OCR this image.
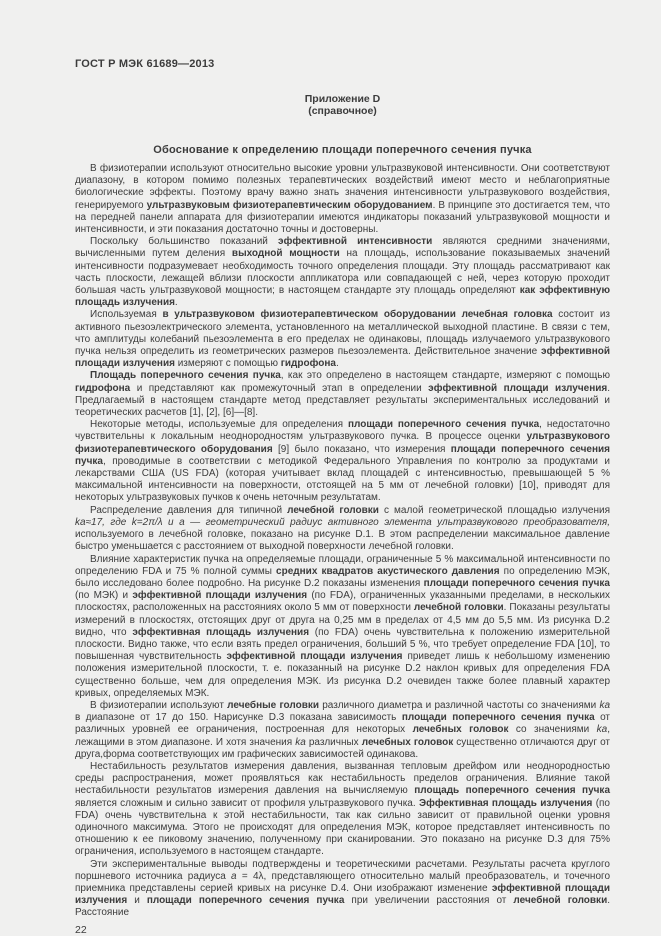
ГОСТ Р МЭК 61689—2013
Приложение D
(справочное)
Обоснование к определению площади поперечного сечения пучка

В физиотерапии используют относительно высокие уровни ультразвуковой интенсивности. Они соответствуют диапазону, в котором помимо полезных терапевтических воздействий имеют место и неблагоприятные биологические эффекты. Поэтому врачу важно знать значения интенсивности ультразвукового воздействия, генерируемого ультразвуковым физиотерапевтическим оборудованием. В принципе это достигается тем, что на передней панели аппарата для физиотерапии имеются индикаторы показаний ультразвуковой мощности и интенсивности, и эти показания достаточно точны и достоверны.

Поскольку большинство показаний эффективной интенсивности являются средними значениями, вычисленными путем деления выходной мощности на площадь, использование показываемых значений интенсивности подразумевает необходимость точного определения площади. Эту площадь рассматривают как часть плоскости, лежащей вблизи плоскости аппликатора или совпадающей с ней, через которую проходит большая часть ультразвуковой мощности; в настоящем стандарте эту площадь определяют как эффективную площадь излучения.

Используемая в ультразвуковом физиотерапевтическом оборудовании лечебная головка состоит из активного пьезоэлектрического элемента, установленного на металлической выходной пластине. В связи с тем, что амплитуды колебаний пьезоэлемента в его пределах не одинаковы, площадь излучаемого ультразвукового пучка нельзя определить из геометрических размеров пьезоэлемента. Действительное значение эффективной площади излучения измеряют с помощью гидрофона.

Площадь поперечного сечения пучка, как это определено в настоящем стандарте, измеряют с помощью гидрофона и представляют как промежуточный этап в определении эффективной площади излучения. Предлагаемый в настоящем стандарте метод представляет результаты экспериментальных исследований и теоретических расчетов [1], [2], [6]—[8].

Некоторые методы, используемые для определения площади поперечного сечения пучка, недостаточно чувствительны к локальным неоднородностям ультразвукового пучка. В процессе оценки ультразвукового физиотерапевтического оборудования [9] было показано, что измерения площади поперечного сечения пучка, проводимые в соответствии с методикой Федерального Управления по контролю за продуктами и лекарствами США (US FDA) (которая учитывает вклад площадей с интенсивностью, превышающей 5 % максимальной интенсивности на поверхности, отстоящей на 5 мм от лечебной головки) [10], приводят для некоторых ультразвуковых пучков к очень неточным результатам.

Распределение давления для типичной лечебной головки с малой геометрической площадью излучения ka≈17, где k=2π/λ и a — геометрический радиус активного элемента ультразвукового преобразователя, используемого в лечебной головке, показано на рисунке D.1. В этом распределении максимальное давление быстро уменьшается с расстоянием от выходной поверхности лечебной головки.

Влияние характеристик пучка на определяемые площади, ограниченные 5 % максимальной интенсивности по определению FDA и 75 % полной суммы средних квадратов акустического давления по определению МЭК, было исследовано более подробно. На рисунке D.2 показаны изменения площади поперечного сечения пучка (по МЭК) и эффективной площади излучения (по FDA), ограниченных указанными пределами, в нескольких плоскостях, расположенных на расстояниях около 5 мм от поверхности лечебной головки. Показаны результаты измерений в плоскостях, отстоящих друг от друга на 0,25 мм в пределах от 4,5 мм до 5,5 мм. Из рисунка D.2 видно, что эффективная площадь излучения (по FDA) очень чувствительна к положению измерительной плоскости. Видно также, что если взять предел ограничения, больший 5 %, что требует определение FDA [10], то повышенная чувствительность эффективной площади излучения приведет лишь к небольшому изменению положения измерительной плоскости, т. е. показанный на рисунке D.2 наклон кривых для определения FDA существенно больше, чем для определения МЭК. Из рисунка D.2 очевиден также более плавный характер кривых, определяемых МЭК.

В физиотерапии используют лечебные головки различного диаметра и различной частоты со значениями ka в диапазоне от 17 до 150. Нарисунке D.3 показана зависимость площади поперечного сечения пучка от различных уровней ее ограничения, построенная для некоторых лечебных головок со значениями ka, лежащими в этом диапазоне. И хотя значения ka различных лечебных головок существенно отличаются друг от друга,форма соответствующих им графических зависимостей одинакова.

Нестабильность результатов измерения давления, вызванная тепловым дрейфом или неоднородностью среды распространения, может проявляться как нестабильность пределов ограничения. Влияние такой нестабильности результатов измерения давления на вычисляемую площадь поперечного сечения пучка является сложным и сильно зависит от профиля ультразвукового пучка. Эффективная площадь излучения (по FDA) очень чувствительна к этой нестабильности, так как сильно зависит от правильной оценки уровня одиночного максимума. Этого не происходят для определения МЭК, которое представляет интенсивность по отношению к ее пиковому значению, полученному при сканировании. Это показано на рисунке D.3 для 75% ограничения, используемого в настоящем стандарте.

Эти экспериментальные выводы подтверждены и теоретическими расчетами. Результаты расчета круглого поршневого источника радиуса a = 4λ, представляющего относительно малый преобразователь, и точечного приемника представлены серией кривых на рисунке D.4. Они изображают изменение эффективной площади излучения и площади поперечного сечения пучка при увеличении расстояния от лечебной головки. Расстояние

22
